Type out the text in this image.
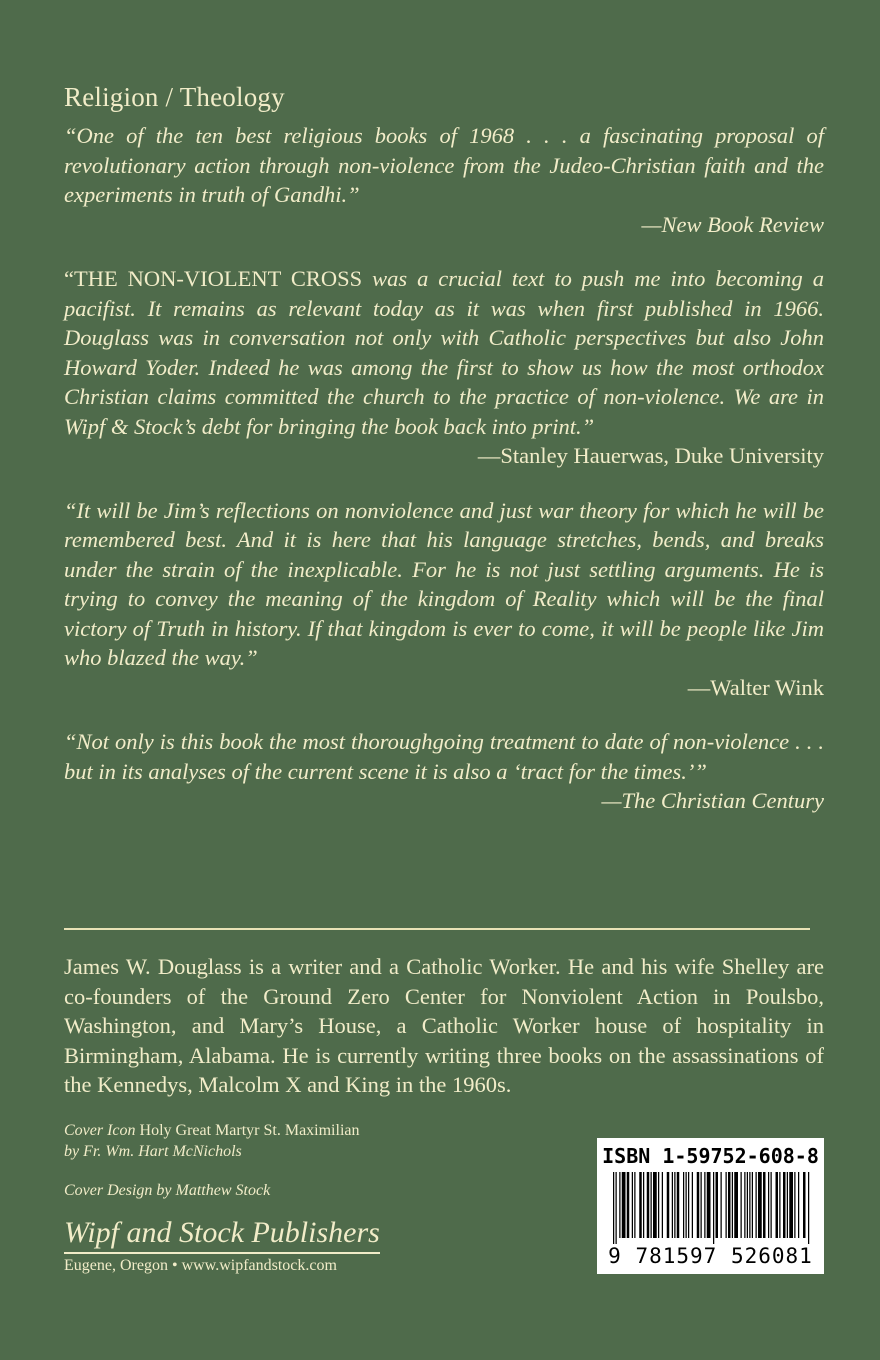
Religion / Theology

“One of the ten best religious books of 1968 . . . a fascinating proposal of revolutionary action through non-violence from the Judeo-Christian faith and the experiments in truth of Gandhi.”

—New Book Review

“THE NON-VIOLENT CROSS was a crucial text to push me into becoming a pacifist. It remains as relevant today as it was when first published in 1966. Douglass was in conversation not only with Catholic perspectives but also John Howard Yoder. Indeed he was among the first to show us how the most orthodox Christian claims committed the church to the practice of non-violence. We are in Wipf & Stock’s debt for bringing the book back into print.”

—Stanley Hauerwas, Duke University

“It will be Jim’s reflections on nonviolence and just war theory for which he will be remembered best. And it is here that his language stretches, bends, and breaks under the strain of the inexplicable. For he is not just settling arguments. He is trying to convey the meaning of the kingdom of Reality which will be the final victory of Truth in history. If that kingdom is ever to come, it will be people like Jim who blazed the way.”

—Walter Wink

“Not only is this book the most thoroughgoing treatment to date of non-violence . . . but in its analyses of the current scene it is also a ‘tract for the times.’”

—The Christian Century

James W. Douglass is a writer and a Catholic Worker. He and his wife Shelley are co-founders of the Ground Zero Center for Nonviolent Action in Poulsbo, Washington, and Mary’s House, a Catholic Worker house of hospitality in Birmingham, Alabama. He is currently writing three books on the assassinations of the Kennedys, Malcolm X and King in the 1960s.

Cover Icon Holy Great Martyr St. Maximilian

by Fr. Wm. Hart McNichols

Cover Design by Matthew Stock

Wipf and Stock Publishers

Eugene, Oregon • www.wipfandstock.com

ISBN 1-59752-608-8

9 781597 526081
